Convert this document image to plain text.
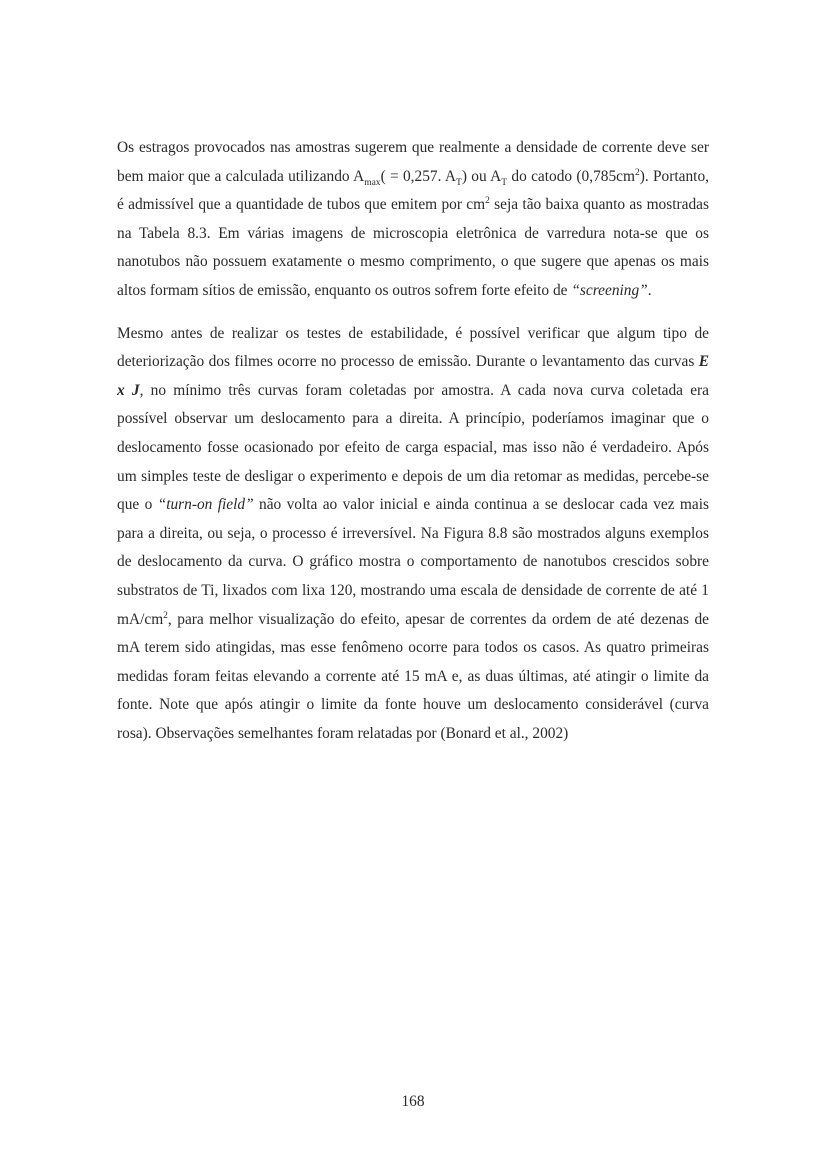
Os estragos provocados nas amostras sugerem que realmente a densidade de corrente deve ser bem maior que a calculada utilizando $A_{max}( = 0,257$. $A_T$) ou $A_T$ do catodo $(0,785cm^2)$. Portanto, é admissível que a quantidade de tubos que emitem por $cm^2$ seja tão baixa quanto as mostradas na Tabela 8.3. Em várias imagens de microscopia eletrônica de varredura nota-se que os nanotubos não possuem exatamente o mesmo comprimento, o que sugere que apenas os mais altos formam sítios de emissão, enquanto os outros sofrem forte efeito de “screening”.

Mesmo antes de realizar os testes de estabilidade, é possível verificar que algum tipo de deteriorização dos filmes ocorre no processo de emissão. Durante o levantamento das curvas E x J, no mínimo três curvas foram coletadas por amostra. A cada nova curva coletada era possível observar um deslocamento para a direita. A princípio, poderíamos imaginar que o deslocamento fosse ocasionado por efeito de carga espacial, mas isso não é verdadeiro. Após um simples teste de desligar o experimento e depois de um dia retomar as medidas, percebe-se que o “turn-on field” não volta ao valor inicial e ainda continua a se deslocar cada vez mais para a direita, ou seja, o processo é irreversível. Na Figura 8.8 são mostrados alguns exemplos de deslocamento da curva. O gráfico mostra o comportamento de nanotubos crescidos sobre substratos de Ti, lixados com lixa 120, mostrando uma escala de densidade de corrente de até 1 $mA/cm^2$, para melhor visualização do efeito, apesar de correntes da ordem de até dezenas de mA terem sido atingidas, mas esse fenômeno ocorre para todos os casos. As quatro primeiras medidas foram feitas elevando a corrente até 15 mA e, as duas últimas, até atingir o limite da fonte. Note que após atingir o limite da fonte houve um deslocamento considerável (curva rosa). Observações semelhantes foram relatadas por (Bonard et al., 2002)

168
